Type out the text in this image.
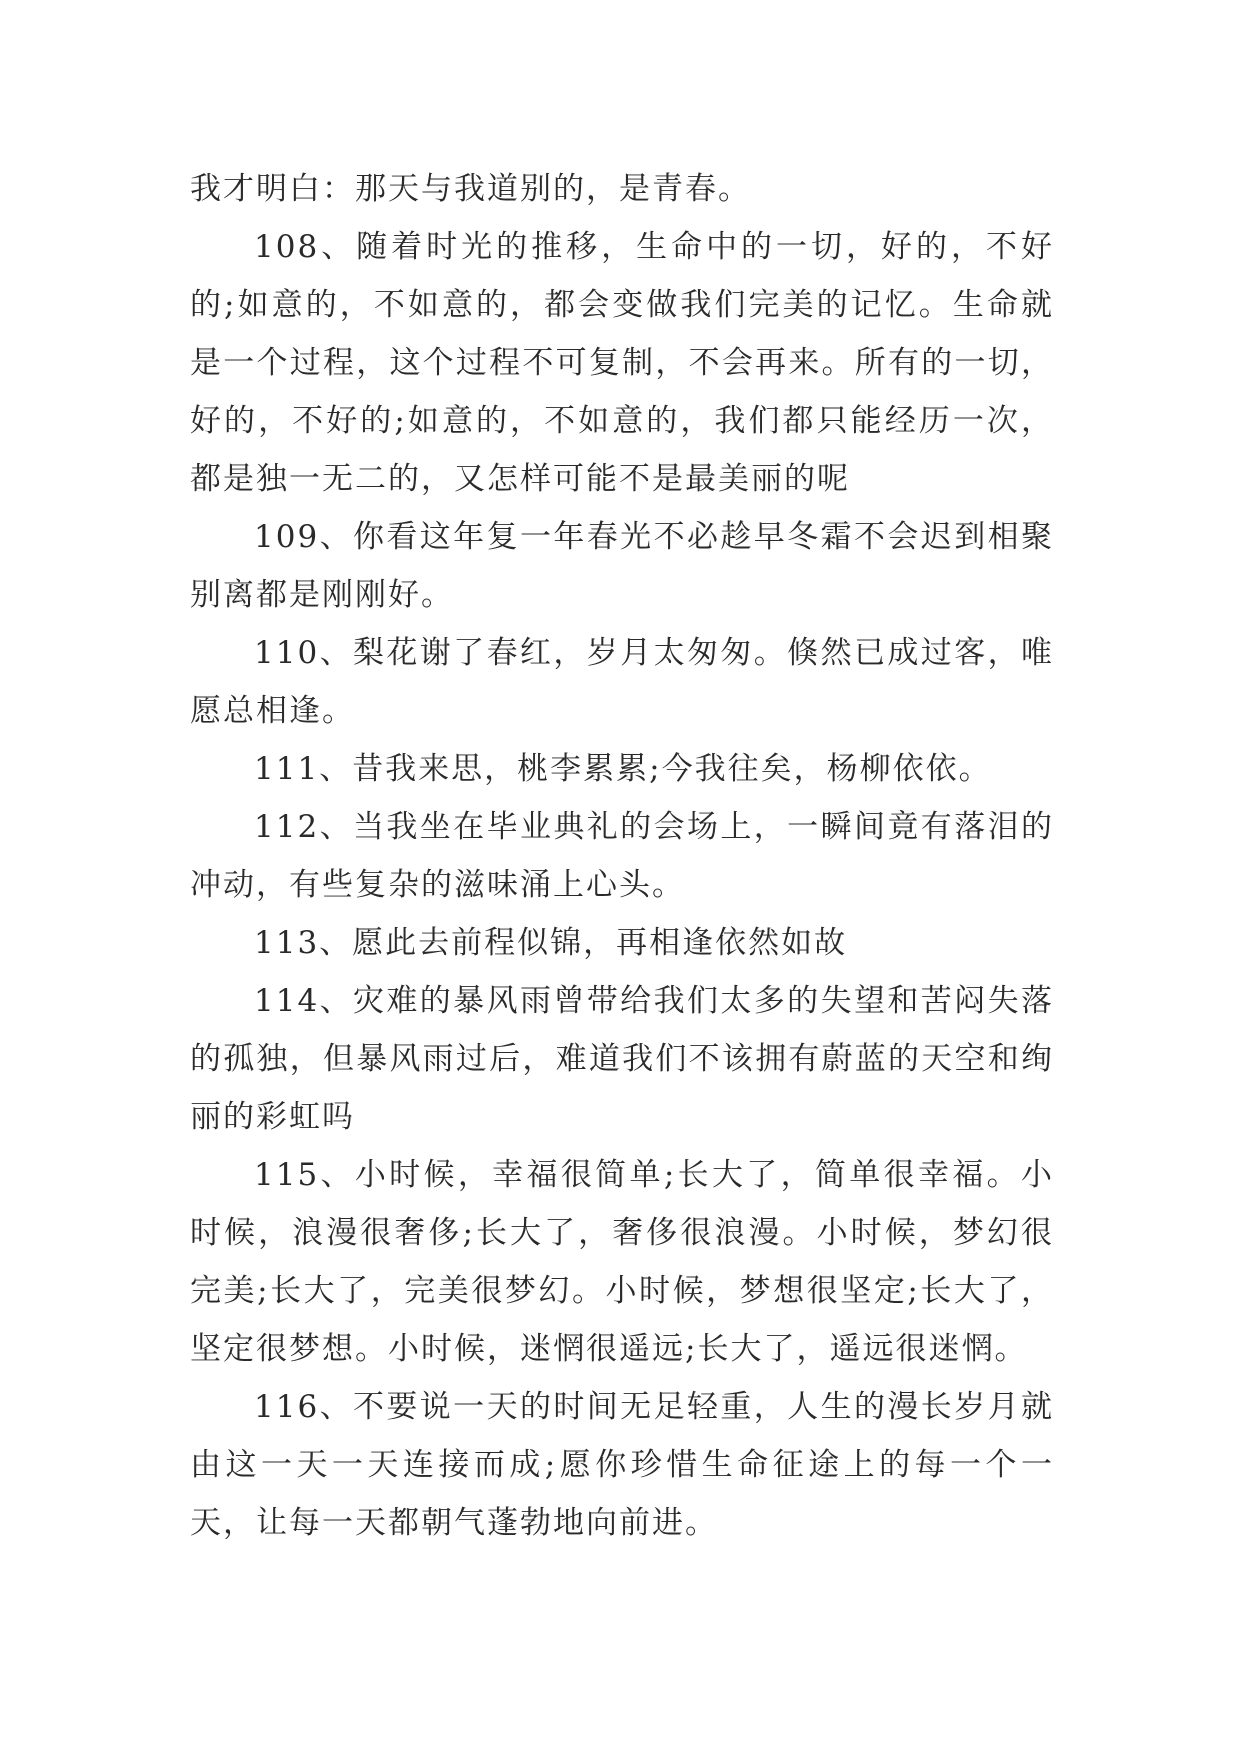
我才明白：那天与我道别的，是青春。

108、随着时光的推移，生命中的一切，好的，不好的;如意的，不如意的，都会变做我们完美的记忆。生命就是一个过程，这个过程不可复制，不会再来。所有的一切，好的，不好的;如意的，不如意的，我们都只能经历一次，都是独一无二的，又怎样可能不是最美丽的呢

109、你看这年复一年春光不必趁早冬霜不会迟到相聚别离都是刚刚好。

110、梨花谢了春红，岁月太匆匆。倏然已成过客，唯愿总相逢。

111、昔我来思，桃李累累;今我往矣，杨柳依依。

112、当我坐在毕业典礼的会场上，一瞬间竟有落泪的冲动，有些复杂的滋味涌上心头。

113、愿此去前程似锦，再相逢依然如故

114、灾难的暴风雨曾带给我们太多的失望和苦闷失落的孤独，但暴风雨过后，难道我们不该拥有蔚蓝的天空和绚丽的彩虹吗

115、小时候，幸福很简单;长大了，简单很幸福。小时候，浪漫很奢侈;长大了，奢侈很浪漫。小时候，梦幻很完美;长大了，完美很梦幻。小时候，梦想很坚定;长大了，坚定很梦想。小时候，迷惘很遥远;长大了，遥远很迷惘。

116、不要说一天的时间无足轻重，人生的漫长岁月就由这一天一天连接而成;愿你珍惜生命征途上的每一个一天，让每一天都朝气蓬勃地向前进。
